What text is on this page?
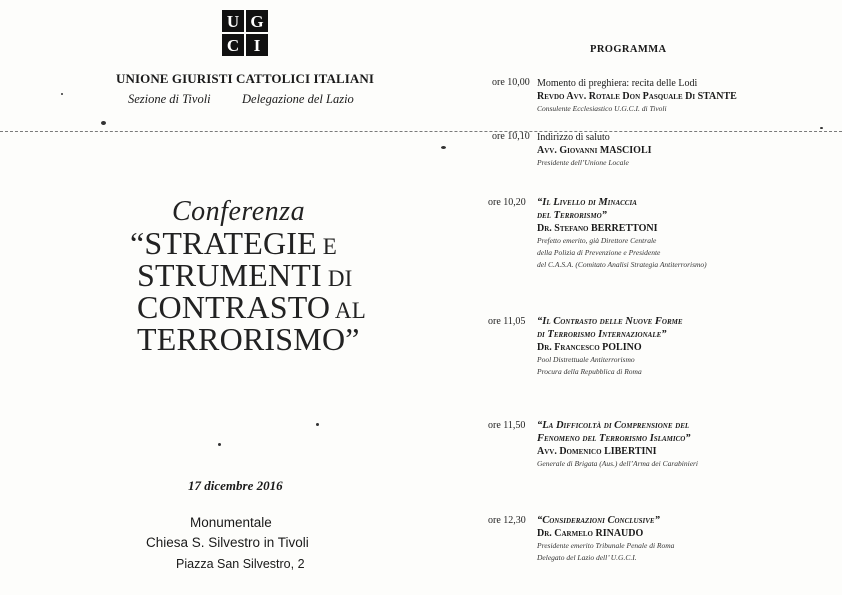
U G
C I
UNIONE GIURISTI CATTOLICI ITALIANI
Sezione di Tivoli	Delegazione del Lazio
Conferenza
“STRATEGIE E
STRUMENTI DI
CONTRASTO AL
TERRORISMO”
17 dicembre 2016
Monumentale
Chiesa S. Silvestro in Tivoli
Piazza San Silvestro, 2
PROGRAMMA
ore 10,00 Momento di preghiera: recita delle Lodi
Revdo Avv. Rotale Don Pasquale Di STANTE
Consulente Ecclesiastico U.G.C.I. di Tivoli
ore 10,10 Indirizzo di saluto
Avv. Giovanni MASCIOLI
Presidente dell’Unione Locale
ore 10,20 “Il Livello di Minaccia
del Terrorismo”
Dr. Stefano BERRETTONI
Prefetto emerito, già Direttore Centrale
della Polizia di Prevenzione e Presidente
del C.A.S.A. (Comitato Analisi Strategia Antiterrorismo)
ore 11,05 “Il Contrasto delle Nuove Forme
di Terrorismo Internazionale”
Dr. Francesco POLINO
Pool Distrettuale Antiterrorismo
Procura della Repubblica di Roma
ore 11,50 “La Difficoltà di Comprensione del
Fenomeno del Terrorismo Islamico”
Avv. Domenico LIBERTINI
Generale di Brigata (Aus.) dell’Arma dei Carabinieri
ore 12,30 “Considerazioni Conclusive”
Dr. Carmelo RINAUDO
Presidente emerito Tribunale Penale di Roma
Delegato del Lazio dell’ U.G.C.I.
